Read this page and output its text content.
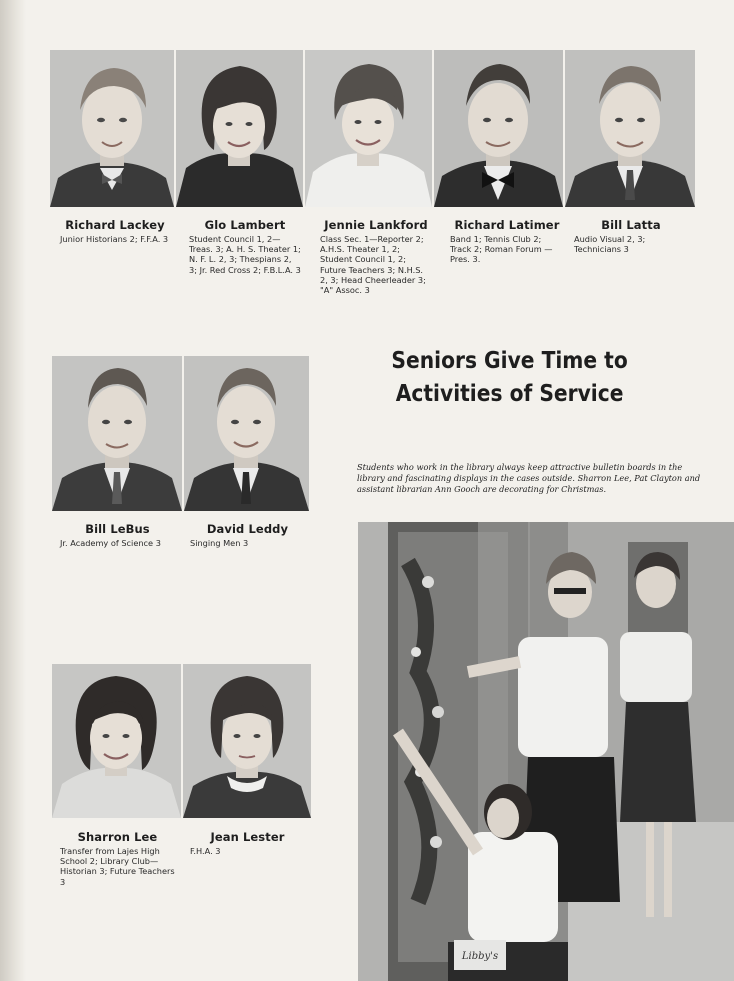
Richard Lackey

Junior Historians 2; F.F.A. 3

Glo Lambert

Student Council 1, 2—Treas. 3; A. H. S. Theater 1; N. F. L. 2, 3; Thespians 2, 3; Jr. Red Cross 2; F.B.L.A. 3

Jennie Lankford

Class Sec. 1—Reporter 2; A.H.S. Theater 1, 2; Student Council 1, 2; Future Teachers 3; N.H.S. 2, 3; Head Cheerleader 3; "A" Assoc. 3

Richard Latimer

Band 1; Tennis Club 2; Track 2; Roman Forum —Pres. 3.

Bill Latta

Audio Visual 2, 3; Technicians 3

Bill LeBus

Jr. Academy of Science 3

David Leddy

Singing Men 3

Seniors Give Time to
Activities of Service

Students who work in the library always keep attractive bulletin boards in the library and fascinating displays in the cases outside. Sharron Lee, Pat Clayton and assistant librarian Ann Gooch are decorating for Christmas.

Sharron Lee

Transfer from Lajes High School 2; Library Club—Historian 3; Future Teachers 3

Jean Lester

F.H.A. 3

Libby's
